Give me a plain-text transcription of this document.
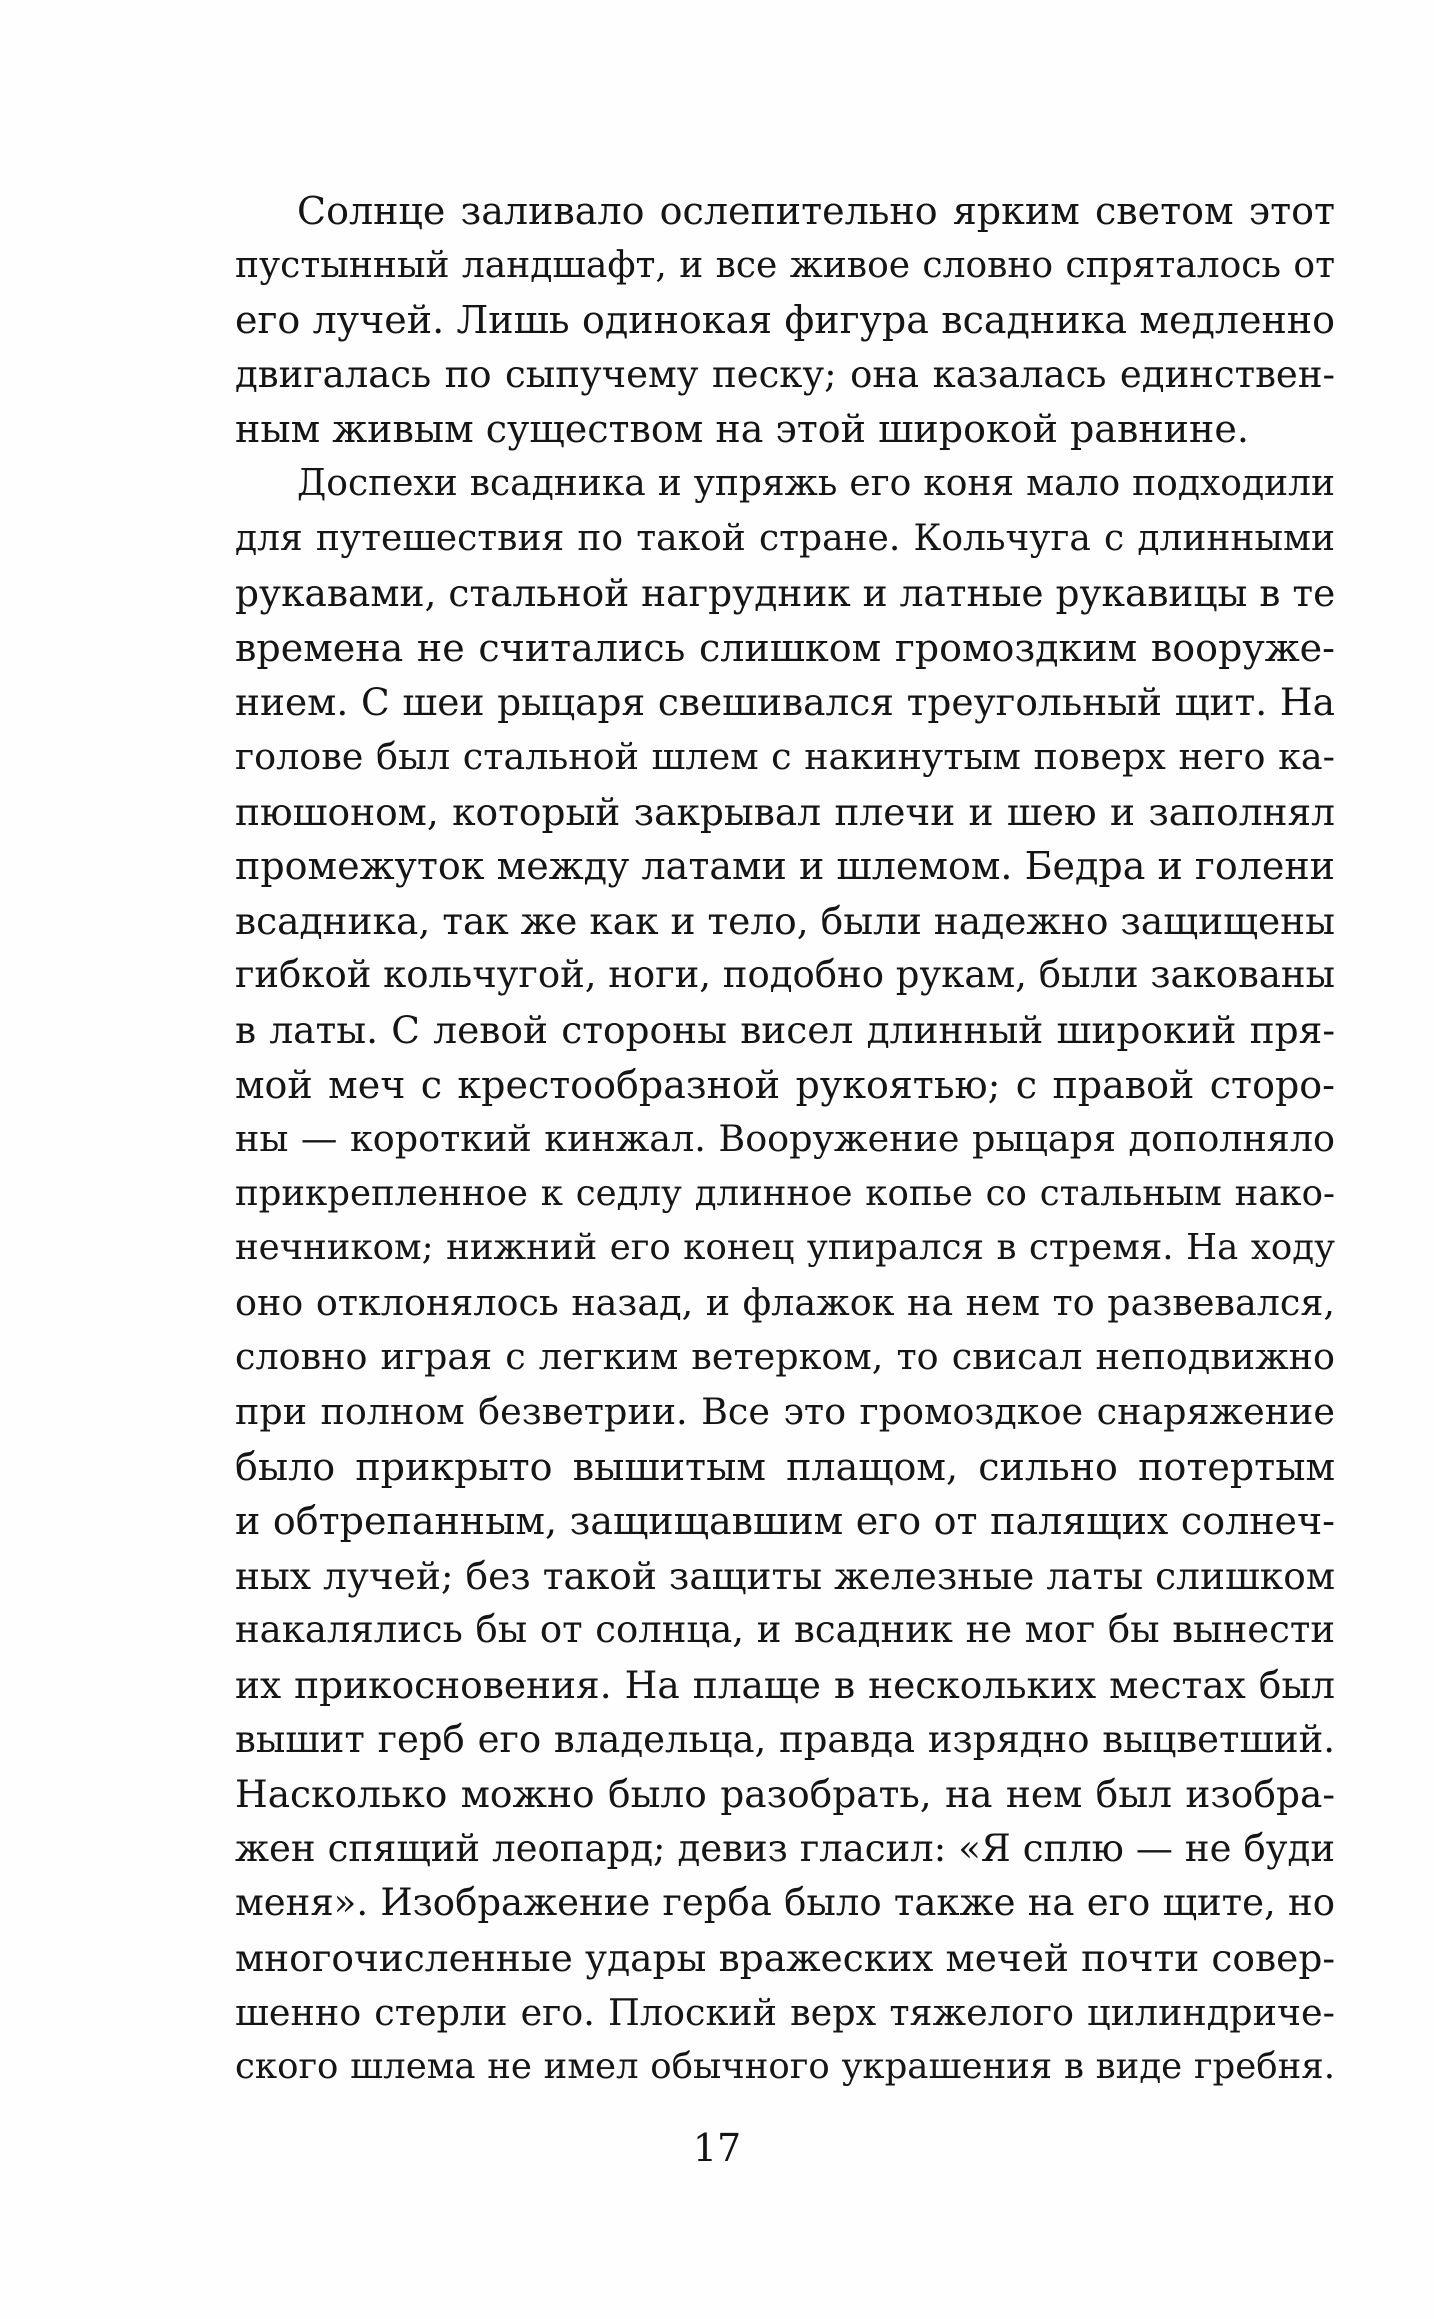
Солнце заливало ослепительно ярким светом этот
пустынный ландшафт, и все живое словно спряталось от
его лучей. Лишь одинокая фигура всадника медленно
двигалась по сыпучему песку; она казалась единствен-
ным живым существом на этой широкой равнине.
Доспехи всадника и упряжь его коня мало подходили
для путешествия по такой стране. Кольчуга с длинными
рукавами, стальной нагрудник и латные рукавицы в те
времена не считались слишком громоздким вооруже-
нием. С шеи рыцаря свешивался треугольный щит. На
голове был стальной шлем с накинутым поверх него ка-
пюшоном, который закрывал плечи и шею и заполнял
промежуток между латами и шлемом. Бедра и голени
всадника, так же как и тело, были надежно защищены
гибкой кольчугой, ноги, подобно рукам, были закованы
в латы. С левой стороны висел длинный широкий пря-
мой меч с крестообразной рукоятью; с правой сторо-
ны — короткий кинжал. Вооружение рыцаря дополняло
прикрепленное к седлу длинное копье со стальным нако-
нечником; нижний его конец упирался в стремя. На ходу
оно отклонялось назад, и флажок на нем то развевался,
словно играя с легким ветерком, то свисал неподвижно
при полном безветрии. Все это громоздкое снаряжение
было прикрыто вышитым плащом, сильно потертым
и обтрепанным, защищавшим его от палящих солнеч-
ных лучей; без такой защиты железные латы слишком
накалялись бы от солнца, и всадник не мог бы вынести
их прикосновения. На плаще в нескольких местах был
вышит герб его владельца, правда изрядно выцветший.
Насколько можно было разобрать, на нем был изобра-
жен спящий леопард; девиз гласил: «Я сплю — не буди
меня». Изображение герба было также на его щите, но
многочисленные удары вражеских мечей почти совер-
шенно стерли его. Плоский верх тяжелого цилиндриче-
ского шлема не имел обычного украшения в виде гребня.
17
